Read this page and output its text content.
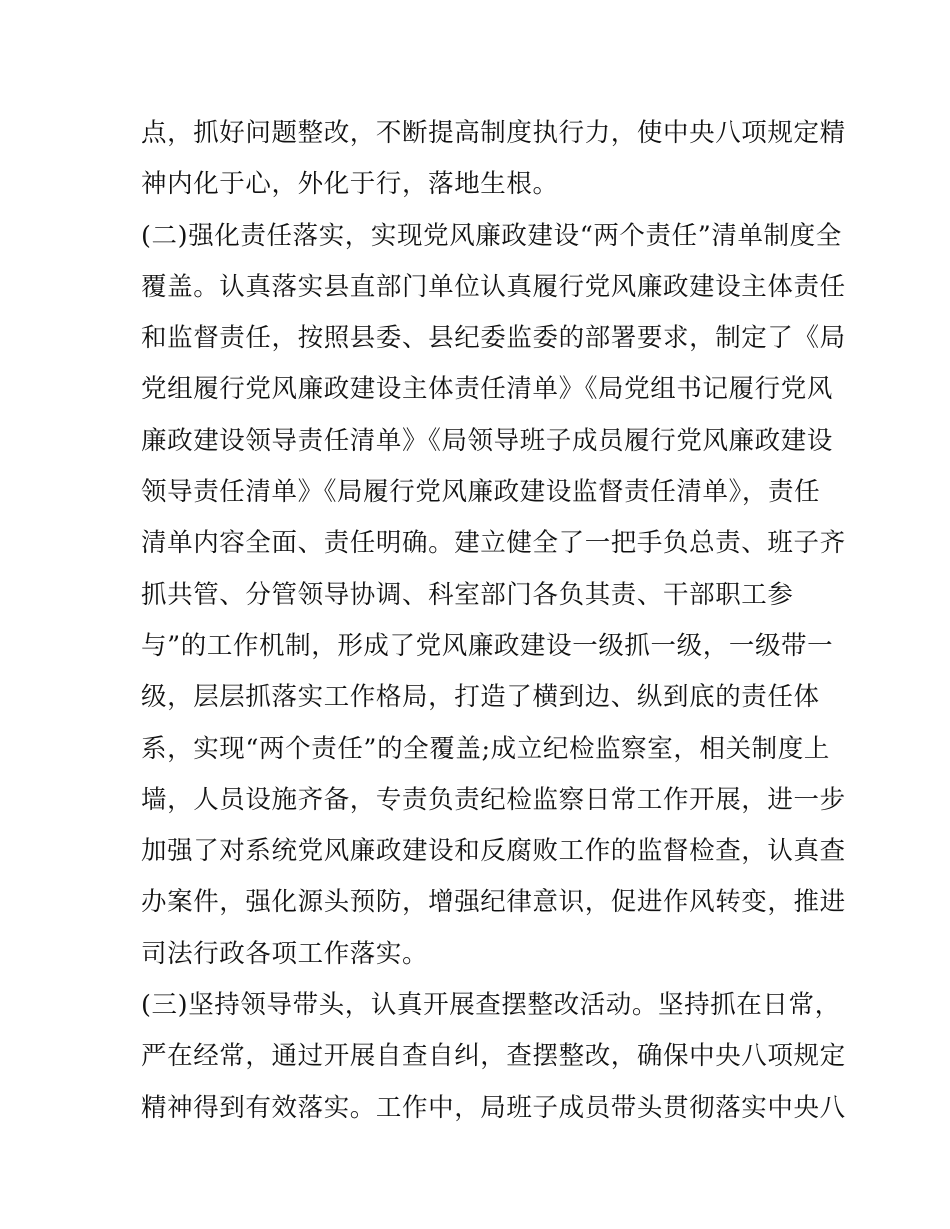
点，抓好问题整改，不断提高制度执行力，使中央八项规定精
神内化于心，外化于行，落地生根。
(二)强化责任落实，实现党风廉政建设“两个责任”清单制度全
覆盖。认真落实县直部门单位认真履行党风廉政建设主体责任
和监督责任，按照县委、县纪委监委的部署要求，制定了《局
党组履行党风廉政建设主体责任清单》《局党组书记履行党风
廉政建设领导责任清单》《局领导班子成员履行党风廉政建设
领导责任清单》《局履行党风廉政建设监督责任清单》，责任
清单内容全面、责任明确。建立健全了一把手负总责、班子齐
抓共管、分管领导协调、科室部门各负其责、干部职工参
与”的工作机制，形成了党风廉政建设一级抓一级，一级带一
级，层层抓落实工作格局，打造了横到边、纵到底的责任体
系，实现“两个责任”的全覆盖;成立纪检监察室，相关制度上
墙，人员设施齐备，专责负责纪检监察日常工作开展，进一步
加强了对系统党风廉政建设和反腐败工作的监督检查，认真查
办案件，强化源头预防，增强纪律意识，促进作风转变，推进
司法行政各项工作落实。
(三)坚持领导带头，认真开展查摆整改活动。坚持抓在日常，
严在经常，通过开展自查自纠，查摆整改，确保中央八项规定
精神得到有效落实。工作中，局班子成员带头贯彻落实中央八
